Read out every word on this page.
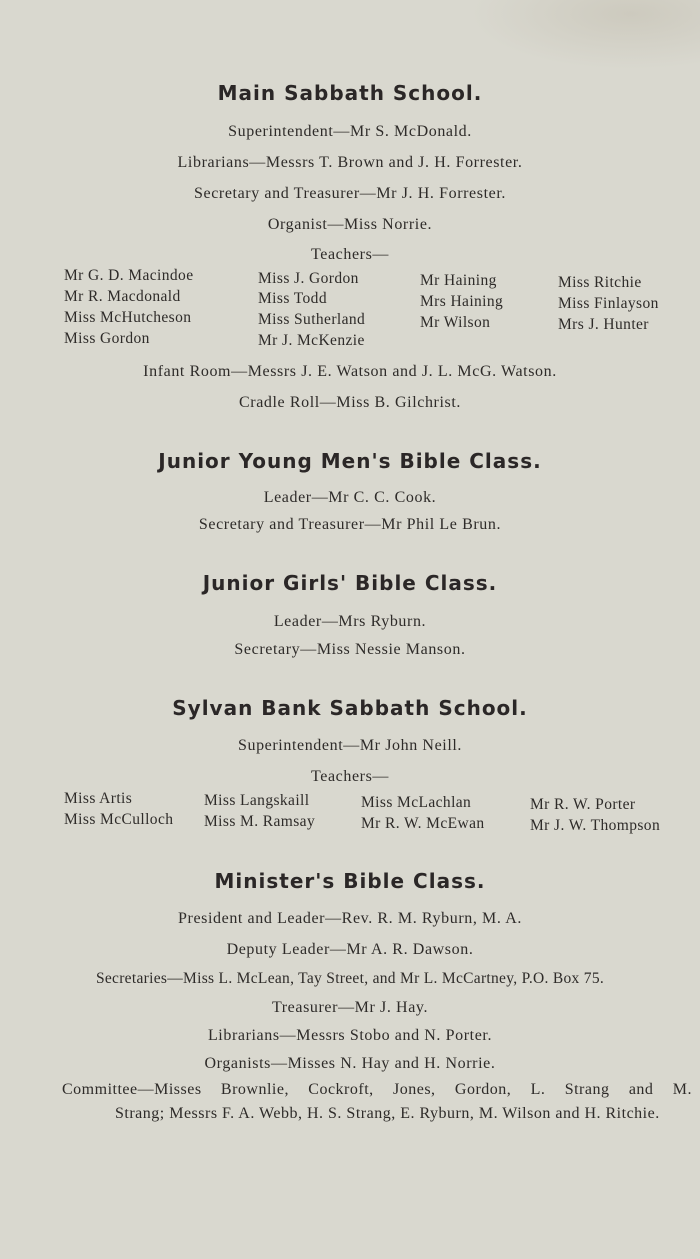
Main Sabbath School.
Superintendent—Mr S. McDonald.
Librarians—Messrs T. Brown and J. H. Forrester.
Secretary and Treasurer—Mr J. H. Forrester.
Organist—Miss Norrie.
Teachers—
Mr G. D. Macindoe
Mr R. Macdonald
Miss McHutcheson
Miss Gordon
Miss J. Gordon
Miss Todd
Miss Sutherland
Mr J. McKenzie
Mr Haining
Mrs Haining
Mr Wilson
Miss Ritchie
Miss Finlayson
Mrs J. Hunter
Infant Room—Messrs J. E. Watson and J. L. McG. Watson.
Cradle Roll—Miss B. Gilchrist.
Junior Young Men's Bible Class.
Leader—Mr C. C. Cook.
Secretary and Treasurer—Mr Phil Le Brun.
Junior Girls' Bible Class.
Leader—Mrs Ryburn.
Secretary—Miss Nessie Manson.
Sylvan Bank Sabbath School.
Superintendent—Mr John Neill.
Teachers—
Miss Artis
Miss McCulloch
Miss Langskaill
Miss M. Ramsay
Miss McLachlan
Mr R. W. McEwan
Mr R. W. Porter
Mr J. W. Thompson
Minister's Bible Class.
President and Leader—Rev. R. M. Ryburn, M. A.
Deputy Leader—Mr A. R. Dawson.
Secretaries—Miss L. McLean, Tay Street, and Mr L. McCartney, P.O. Box 75.
Treasurer—Mr J. Hay.
Librarians—Messrs Stobo and N. Porter.
Organists—Misses N. Hay and H. Norrie.
Committee—Misses Brownlie, Cockroft, Jones, Gordon, L. Strang and M.
Strang; Messrs F. A. Webb, H. S. Strang, E. Ryburn, M. Wilson and H. Ritchie.
